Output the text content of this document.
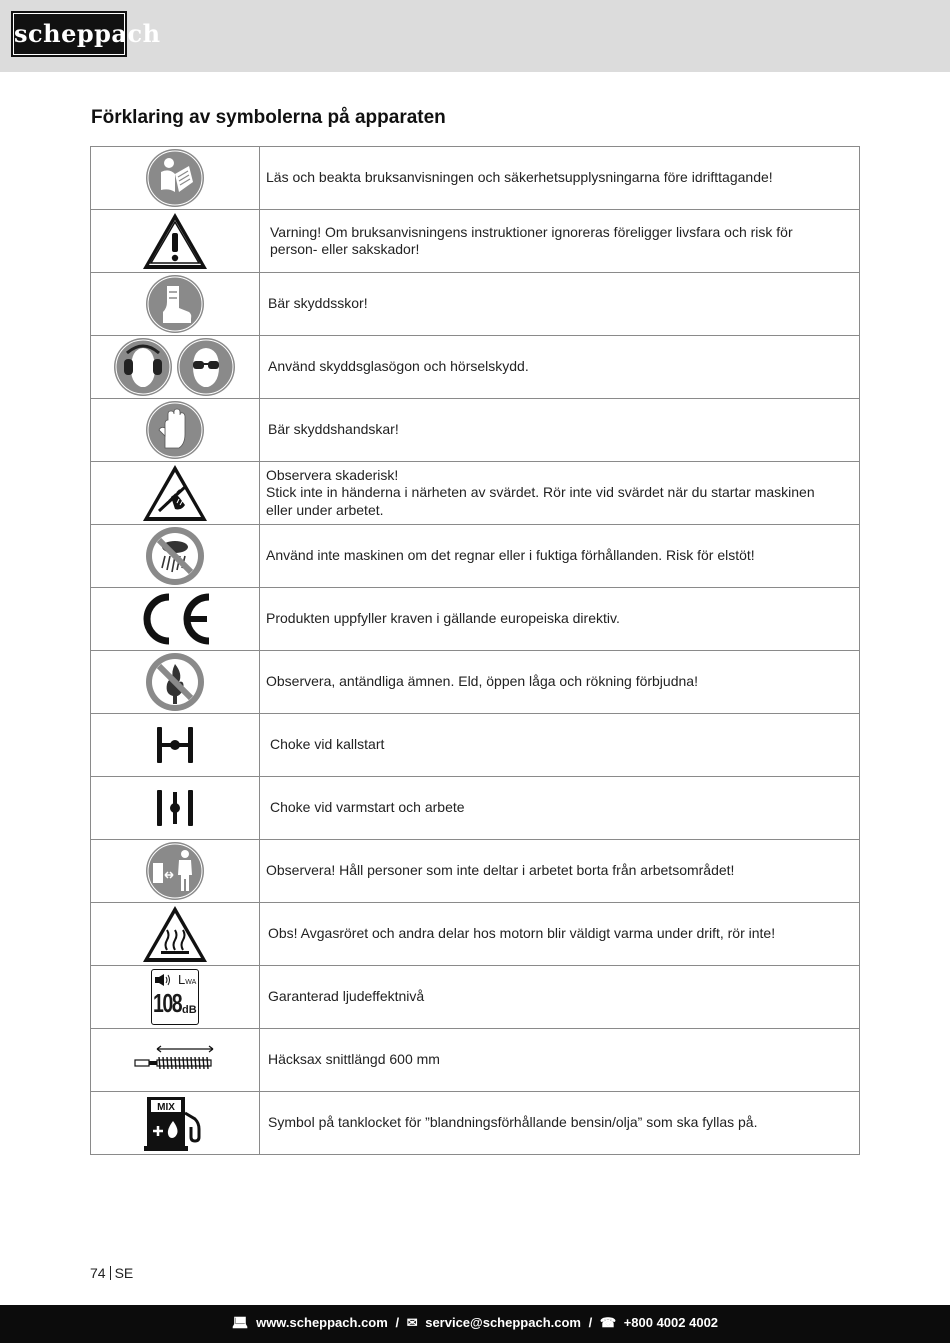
scheppach
Förklaring av symbolerna på apparaten

Läs och beakta bruksanvisningen och säkerhetsupplysningarna före idrifttagande!

Varning! Om bruksanvisningens instruktioner ignoreras föreligger livsfara och risk för person- eller sakskador!

Bär skyddsskor!

Använd skyddsglasögon och hörselskydd.

Bär skyddshandskar!

Observera skaderisk!
Stick inte in händerna i närheten av svärdet. Rör inte vid svärdet när du startar maskinen eller under arbetet.

Använd inte maskinen om det regnar eller i fuktiga förhållanden. Risk för elstöt!

Produkten uppfyller kraven i gällande europeiska direktiv.

Observera, antändliga ämnen. Eld, öppen låga och rökning förbjudna!

Choke vid kallstart

Choke vid varmstart och arbete

Observera! Håll personer som inte deltar i arbetet borta från arbetsområdet!

Obs! Avgasröret och andra delar hos motorn blir väldigt varma under drift, rör inte!

LWA
108 dB	Garanterad ljudeffektnivå

Häcksax snittlängd 600 mm

MIX	Symbol på tanklocket för ”blandningsförhållande bensin/olja” som ska fyllas på.
74 SE
💻︎ www.scheppach.com / ✉ service@scheppach.com / ☎ +800 4002 4002
